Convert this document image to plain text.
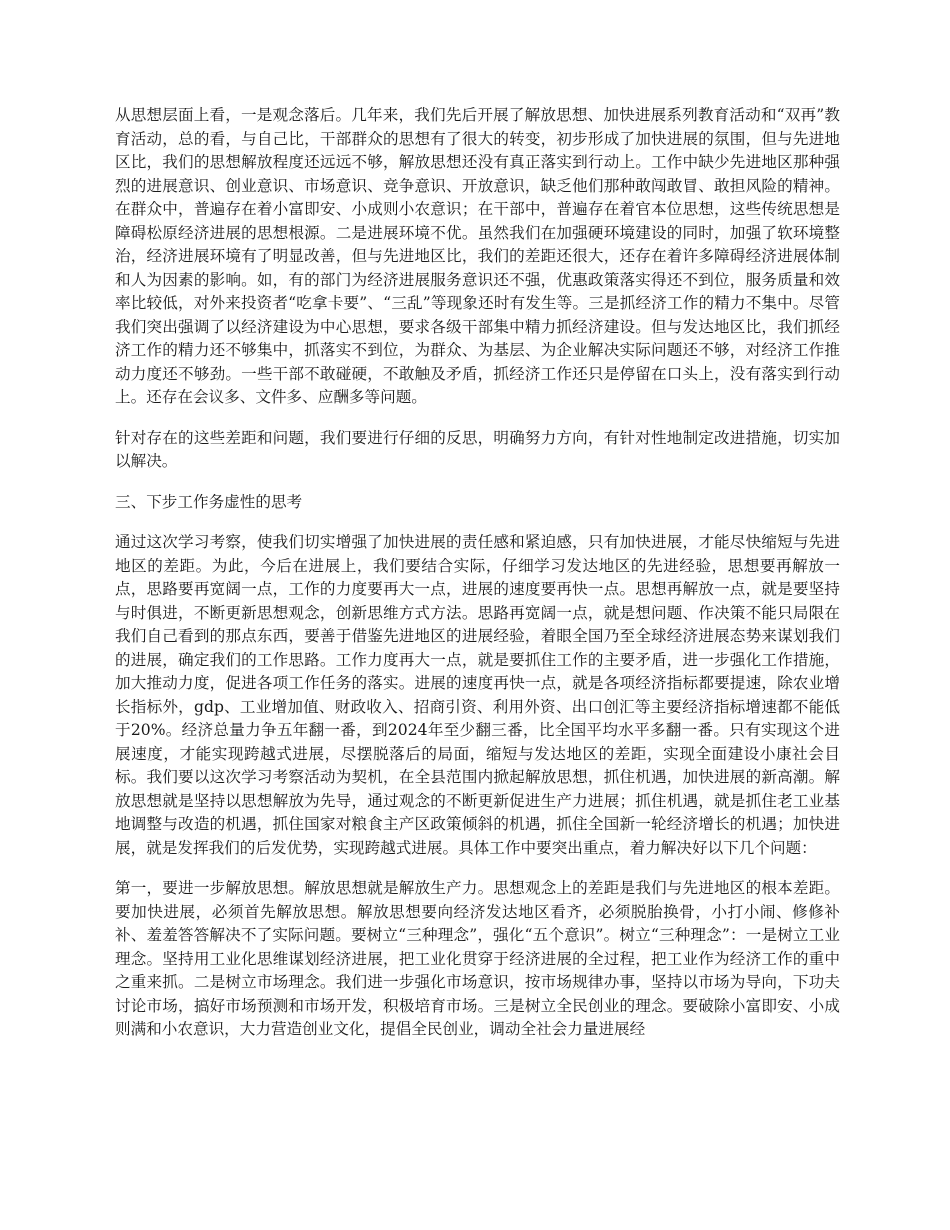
从思想层面上看，一是观念落后。几年来，我们先后开展了解放思想、加快进展系列教育活动和“双再”教育活动，总的看，与自己比，干部群众的思想有了很大的转变，初步形成了加快进展的氛围，但与先进地区比，我们的思想解放程度还远远不够，解放思想还没有真正落实到行动上。工作中缺少先进地区那种强烈的进展意识、创业意识、市场意识、竞争意识、开放意识，缺乏他们那种敢闯敢冒、敢担风险的精神。在群众中，普遍存在着小富即安、小成则小农意识；在干部中，普遍存在着官本位思想，这些传统思想是障碍松原经济进展的思想根源。二是进展环境不优。虽然我们在加强硬环境建设的同时，加强了软环境整治，经济进展环境有了明显改善，但与先进地区比，我们的差距还很大，还存在着许多障碍经济进展体制和人为因素的影响。如，有的部门为经济进展服务意识还不强，优惠政策落实得还不到位，服务质量和效率比较低，对外来投资者“吃拿卡要”、“三乱”等现象还时有发生等。三是抓经济工作的精力不集中。尽管我们突出强调了以经济建设为中心思想，要求各级干部集中精力抓经济建设。但与发达地区比，我们抓经济工作的精力还不够集中，抓落实不到位，为群众、为基层、为企业解决实际问题还不够，对经济工作推动力度还不够劲。一些干部不敢碰硬，不敢触及矛盾，抓经济工作还只是停留在口头上，没有落实到行动上。还存在会议多、文件多、应酬多等问题。

针对存在的这些差距和问题，我们要进行仔细的反思，明确努力方向，有针对性地制定改进措施，切实加以解决。

三、下步工作务虚性的思考

通过这次学习考察，使我们切实增强了加快进展的责任感和紧迫感，只有加快进展，才能尽快缩短与先进地区的差距。为此，今后在进展上，我们要结合实际，仔细学习发达地区的先进经验，思想要再解放一点，思路要再宽阔一点，工作的力度要再大一点，进展的速度要再快一点。思想再解放一点，就是要坚持与时俱进，不断更新思想观念，创新思维方式方法。思路再宽阔一点，就是想问题、作决策不能只局限在我们自己看到的那点东西，要善于借鉴先进地区的进展经验，着眼全国乃至全球经济进展态势来谋划我们的进展，确定我们的工作思路。工作力度再大一点，就是要抓住工作的主要矛盾，进一步强化工作措施，加大推动力度，促进各项工作任务的落实。进展的速度再快一点，就是各项经济指标都要提速，除农业增长指标外，gdp、工业增加值、财政收入、招商引资、利用外资、出口创汇等主要经济指标增速都不能低于20%。经济总量力争五年翻一番，到2024年至少翻三番，比全国平均水平多翻一番。只有实现这个进展速度，才能实现跨越式进展，尽摆脱落后的局面，缩短与发达地区的差距，实现全面建设小康社会目标。我们要以这次学习考察活动为契机，在全县范围内掀起解放思想，抓住机遇，加快进展的新高潮。解放思想就是坚持以思想解放为先导，通过观念的不断更新促进生产力进展；抓住机遇，就是抓住老工业基地调整与改造的机遇，抓住国家对粮食主产区政策倾斜的机遇，抓住全国新一轮经济增长的机遇；加快进展，就是发挥我们的后发优势，实现跨越式进展。具体工作中要突出重点，着力解决好以下几个问题：

第一，要进一步解放思想。解放思想就是解放生产力。思想观念上的差距是我们与先进地区的根本差距。要加快进展，必须首先解放思想。解放思想要向经济发达地区看齐，必须脱胎换骨，小打小闹、修修补补、羞羞答答解决不了实际问题。要树立“三种理念”，强化“五个意识”。树立“三种理念”：一是树立工业理念。坚持用工业化思维谋划经济进展，把工业化贯穿于经济进展的全过程，把工业作为经济工作的重中之重来抓。二是树立市场理念。我们进一步强化市场意识，按市场规律办事，坚持以市场为导向，下功夫讨论市场，搞好市场预测和市场开发，积极培育市场。三是树立全民创业的理念。要破除小富即安、小成则满和小农意识，大力营造创业文化，提倡全民创业，调动全社会力量进展经
